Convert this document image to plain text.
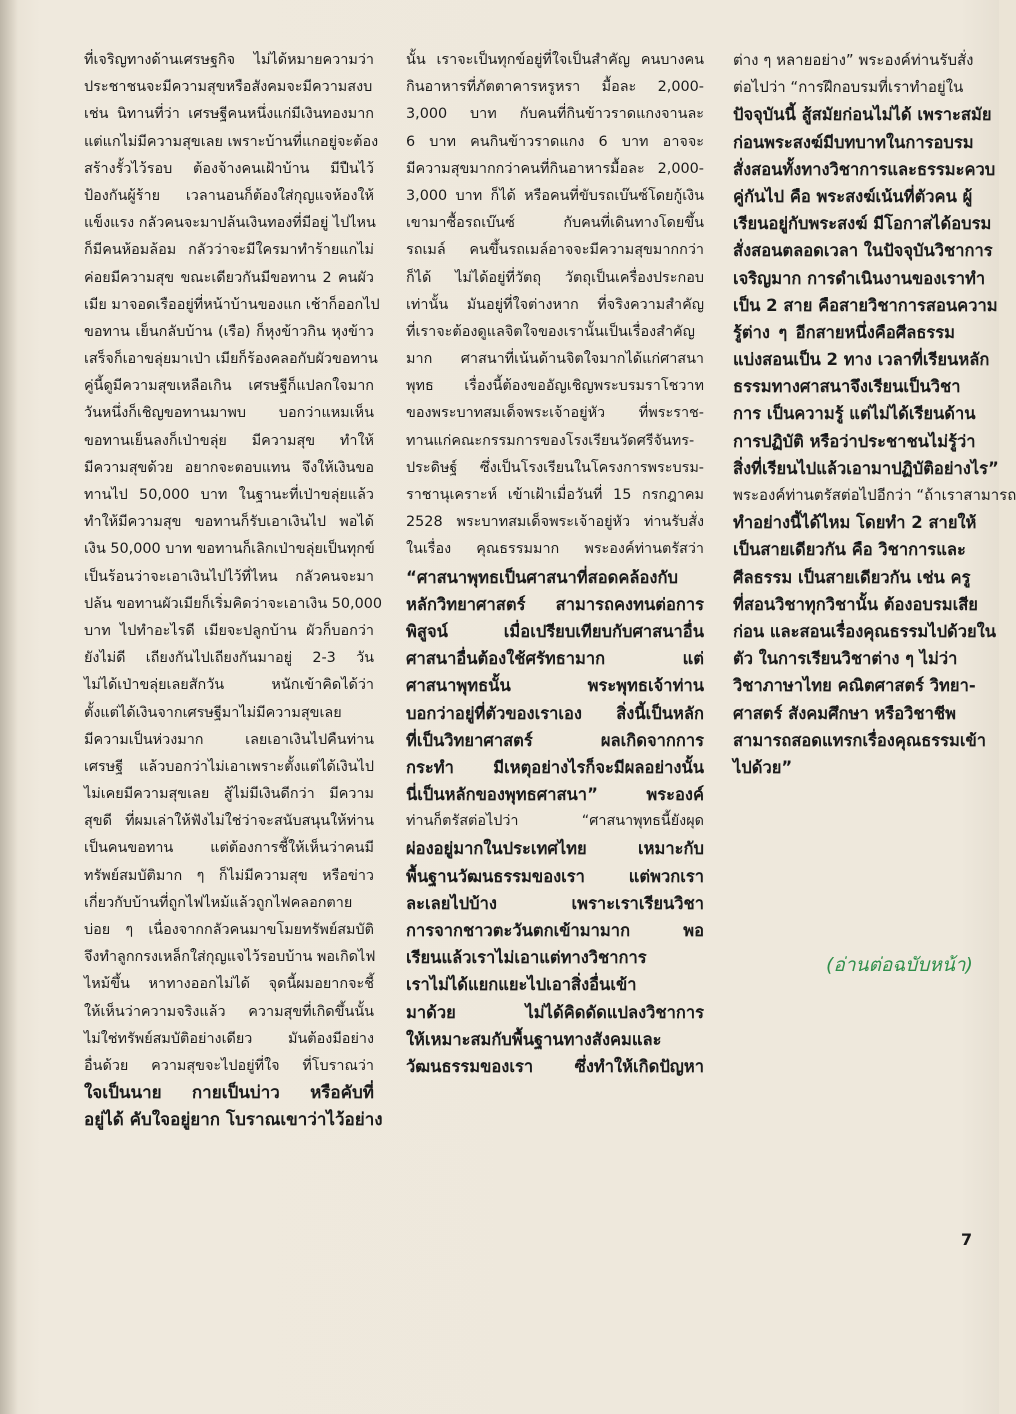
ที่เจริญทางด้านเศรษฐกิจ ไม่ได้หมายความว่า
ประชาชนจะมีความสุขหรือสังคมจะมีความสงบ
เช่น นิทานที่ว่า เศรษฐีคนหนึ่งแก่มีเงินทองมาก
แต่แกไม่มีความสุขเลย เพราะบ้านที่แกอยู่จะต้อง
สร้างรั้วไว้รอบ ต้องจ้างคนเฝ้าบ้าน มีปืนไว้
ป้องกันผู้ร้าย เวลานอนก็ต้องใส่กุญแจห้องให้
แข็งแรง กลัวคนจะมาปล้นเงินทองที่มีอยู่ ไปไหน
ก็มีคนห้อมล้อม กลัวว่าจะมีใครมาทำร้ายแกไม่
ค่อยมีความสุข ขณะเดียวกันมีขอทาน 2 คนผัว
เมีย มาจอดเรืออยู่ที่หน้าบ้านของแก เช้าก็ออกไป
ขอทาน เย็นกลับบ้าน (เรือ) ก็หุงข้าวกิน หุงข้าว
เสร็จก็เอาขลุ่ยมาเป่า เมียก็ร้องคลอกับผัวขอทาน
คู่นี้ดูมีความสุขเหลือเกิน เศรษฐีก็แปลกใจมาก
วันหนึ่งก็เชิญขอทานมาพบ บอกว่าแหมเห็น
ขอทานเย็นลงก็เป่าขลุ่ย มีความสุข ทำให้
มีความสุขด้วย อยากจะตอบแทน จึงให้เงินขอ
ทานไป 50,000 บาท ในฐานะที่เป่าขลุ่ยแล้ว
ทำให้มีความสุข ขอทานก็รับเอาเงินไป พอได้
เงิน 50,000 บาท ขอทานก็เลิกเป่าขลุ่ยเป็นทุกข์
เป็นร้อนว่าจะเอาเงินไปไว้ที่ไหน กลัวคนจะมา
ปล้น ขอทานผัวเมียก็เริ่มคิดว่าจะเอาเงิน 50,000
บาท ไปทำอะไรดี เมียจะปลูกบ้าน ผัวก็บอกว่า
ยังไม่ดี เถียงกันไปเถียงกันมาอยู่ 2-3 วัน
ไม่ได้เป่าขลุ่ยเลยสักวัน หนักเข้าคิดได้ว่า
ตั้งแต่ได้เงินจากเศรษฐีมาไม่มีความสุขเลย
มีความเป็นห่วงมาก เลยเอาเงินไปคืนท่าน
เศรษฐี แล้วบอกว่าไม่เอาเพราะตั้งแต่ได้เงินไป
ไม่เคยมีความสุขเลย สู้ไม่มีเงินดีกว่า มีความ
สุขดี ที่ผมเล่าให้ฟังไม่ใช่ว่าจะสนับสนุนให้ท่าน
เป็นคนขอทาน แต่ต้องการชี้ให้เห็นว่าคนมี
ทรัพย์สมบัติมาก ๆ ก็ไม่มีความสุข หรือข่าว
เกี่ยวกับบ้านที่ถูกไฟไหม้แล้วถูกไฟคลอกตาย
บ่อย ๆ เนื่องจากกลัวคนมาขโมยทรัพย์สมบัติ
จึงทำลูกกรงเหล็กใส่กุญแจไว้รอบบ้าน พอเกิดไฟ
ไหม้ขึ้น หาทางออกไม่ได้ จุดนี้ผมอยากจะชี้
ให้เห็นว่าความจริงแล้ว ความสุขที่เกิดขึ้นนั้น
ไม่ใช่ทรัพย์สมบัติอย่างเดียว มันต้องมีอย่าง
อื่นด้วย ความสุขจะไปอยู่ที่ใจ ที่โบราณว่า
ใจเป็นนาย กายเป็นบ่าว หรือคับที่
อยู่ได้ คับใจอยู่ยาก โบราณเขาว่าไว้อย่าง
นั้น เราจะเป็นทุกข์อยู่ที่ใจเป็นสำคัญ คนบางคน
กินอาหารที่ภัตตาคารหรูหรา มื้อละ 2,000-
3,000 บาท กับคนที่กินข้าวราดแกงจานละ
6 บาท คนกินข้าวราดแกง 6 บาท อาจจะ
มีความสุขมากกว่าคนที่กินอาหารมื้อละ 2,000-
3,000 บาท ก็ได้ หรือคนที่ขับรถเบ๊นซ์โดยกู้เงิน
เขามาซื้อรถเบ๊นซ์ กับคนที่เดินทางโดยขึ้น
รถเมล์ คนขึ้นรถเมล์อาจจะมีความสุขมากกว่า
ก็ได้ ไม่ได้อยู่ที่วัตถุ วัตถุเป็นเครื่องประกอบ
เท่านั้น มันอยู่ที่ใจต่างหาก ที่จริงความสำคัญ
ที่เราจะต้องดูแลจิตใจของเรานั้นเป็นเรื่องสำคัญ
มาก ศาสนาที่เน้นด้านจิตใจมากได้แก่ศาสนา
พุทธ เรื่องนี้ต้องขออัญเชิญพระบรมราโชวาท
ของพระบาทสมเด็จพระเจ้าอยู่หัว ที่พระราช-
ทานแก่คณะกรรมการของโรงเรียนวัดศรีจันทร-
ประดิษฐ์ ซึ่งเป็นโรงเรียนในโครงการพระบรม-
ราชานุเคราะห์ เข้าเฝ้าเมื่อวันที่ 15 กรกฎาคม
2528 พระบาทสมเด็จพระเจ้าอยู่หัว ท่านรับสั่ง
ในเรื่อง คุณธรรมมาก พระองค์ท่านตรัสว่า
“ศาสนาพุทธเป็นศาสนาที่สอดคล้องกับ
หลักวิทยาศาสตร์ สามารถคงทนต่อการ
พิสูจน์ เมื่อเปรียบเทียบกับศาสนาอื่น
ศาสนาอื่นต้องใช้ศรัทธามาก แต่
ศาสนาพุทธนั้น พระพุทธเจ้าท่าน
บอกว่าอยู่ที่ตัวของเราเอง สิ่งนี้เป็นหลัก
ที่เป็นวิทยาศาสตร์ ผลเกิดจากการ
กระทำ มีเหตุอย่างไรก็จะมีผลอย่างนั้น
นี่เป็นหลักของพุทธศาสนา” พระองค์
ท่านก็ตรัสต่อไปว่า “ศาสนาพุทธนี้ยังผุด
ผ่องอยู่มากในประเทศไทย เหมาะกับ
พื้นฐานวัฒนธรรมของเรา แต่พวกเรา
ละเลยไปบ้าง เพราะเราเรียนวิชา
การจากชาวตะวันตกเข้ามามาก พอ
เรียนแล้วเราไม่เอาแต่ทางวิชาการ
เราไม่ได้แยกแยะไปเอาสิ่งอื่นเข้า
มาด้วย ไม่ได้คิดดัดแปลงวิชาการ
ให้เหมาะสมกับพื้นฐานทางสังคมและ
วัฒนธรรมของเรา ซึ่งทำให้เกิดปัญหา
ต่าง ๆ หลายอย่าง” พระองค์ท่านรับสั่ง
ต่อไปว่า “การฝึกอบรมที่เราทำอยู่ใน
ปัจจุบันนี้ สู้สมัยก่อนไม่ได้ เพราะสมัย
ก่อนพระสงฆ์มีบทบาทในการอบรม
สั่งสอนทั้งทางวิชาการและธรรมะควบ
คู่กันไป คือ พระสงฆ์เน้นที่ตัวคน ผู้
เรียนอยู่กับพระสงฆ์ มีโอกาสได้อบรม
สั่งสอนตลอดเวลา ในปัจจุบันวิชาการ
เจริญมาก การดำเนินงานของเราทำ
เป็น 2 สาย คือสายวิชาการสอนความ
รู้ต่าง ๆ อีกสายหนึ่งคือศีลธรรม
แบ่งสอนเป็น 2 ทาง เวลาที่เรียนหลัก
ธรรมทางศาสนาจึงเรียนเป็นวิชา
การ เป็นความรู้ แต่ไม่ได้เรียนด้าน
การปฏิบัติ หรือว่าประชาชนไม่รู้ว่า
สิ่งที่เรียนไปแล้วเอามาปฏิบัติอย่างไร”
พระองค์ท่านตรัสต่อไปอีกว่า “ถ้าเราสามารถ
ทำอย่างนี้ได้ไหม โดยทำ 2 สายให้
เป็นสายเดียวกัน คือ วิชาการและ
ศีลธรรม เป็นสายเดียวกัน เช่น ครู
ที่สอนวิชาทุกวิชานั้น ต้องอบรมเสีย
ก่อน และสอนเรื่องคุณธรรมไปด้วยใน
ตัว ในการเรียนวิชาต่าง ๆ ไม่ว่า
วิชาภาษาไทย คณิตศาสตร์ วิทยา-
ศาสตร์ สังคมศึกษา หรือวิชาชีพ
สามารถสอดแทรกเรื่องคุณธรรมเข้า
ไปด้วย”
(อ่านต่อฉบับหน้า)
7
